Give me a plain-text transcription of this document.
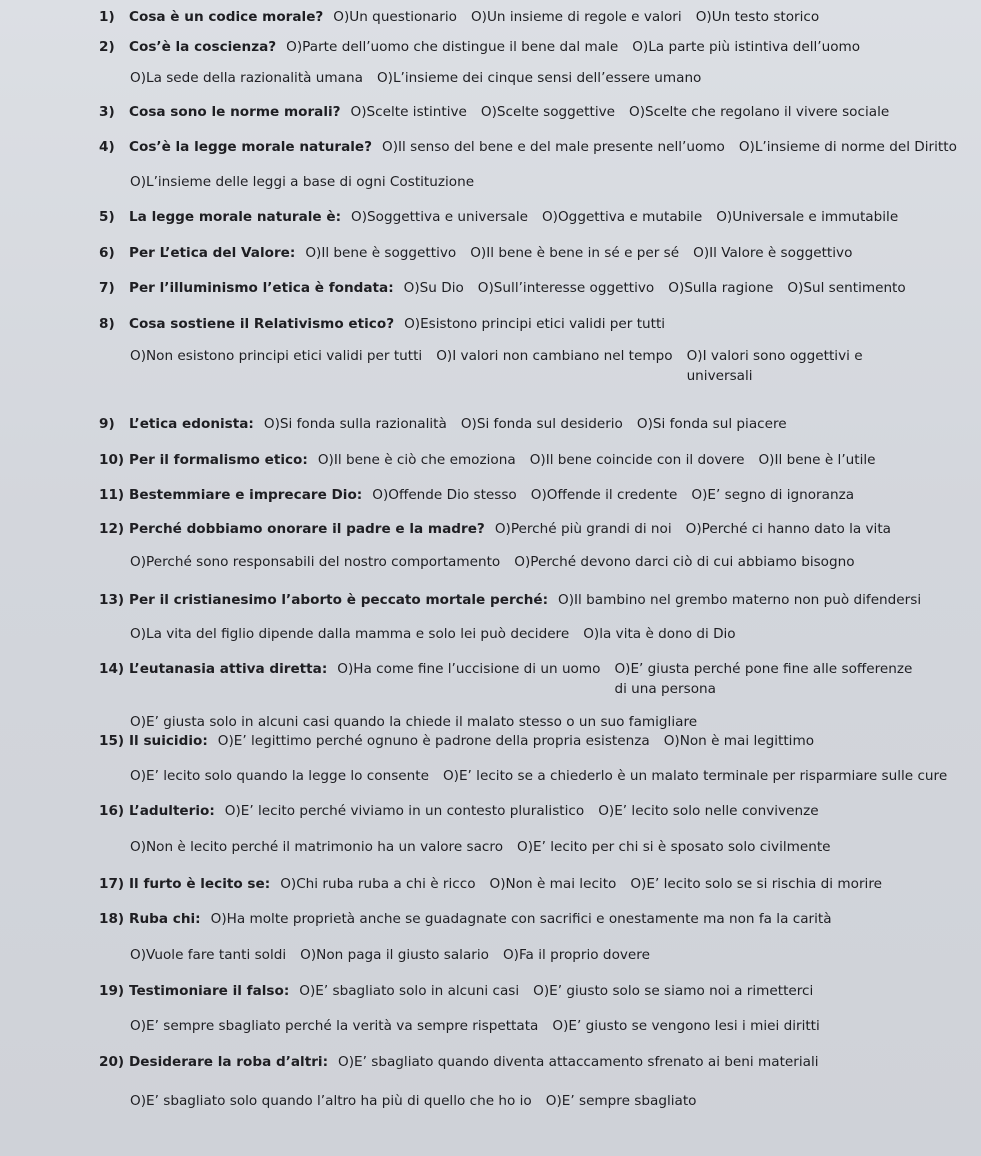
1) Cosa è un codice morale? O)Un questionario O)Un insieme di regole e valori O)Un testo storico
2) Cos’è la coscienza? O)Parte dell’uomo che distingue il bene dal male O)La parte più istintiva dell’uomo
O)La sede della razionalità umana O)L’insieme dei cinque sensi dell’essere umano
3) Cosa sono le norme morali? O)Scelte istintive O)Scelte soggettive O)Scelte che regolano il vivere sociale
4) Cos’è la legge morale naturale? O)Il senso del bene e del male presente nell’uomo O)L’insieme di norme del Diritto
O)L’insieme delle leggi a base di ogni Costituzione
5) La legge morale naturale è: O)Soggettiva e universale O)Oggettiva e mutabile O)Universale e immutabile
6) Per L’etica del Valore: O)Il bene è soggettivo O)Il bene è bene in sé e per sé O)Il Valore è soggettivo
7) Per l’illuminismo l’etica è fondata: O)Su Dio O)Sull’interesse oggettivo O)Sulla ragione O)Sul sentimento
8) Cosa sostiene il Relativismo etico? O)Esistono principi etici validi per tutti
O)Non esistono principi etici validi per tutti O)I valori non cambiano nel tempo O)I valori sono oggettivi e universali
9) L’etica edonista: O)Si fonda sulla razionalità O)Si fonda sul desiderio O)Si fonda sul piacere
10) Per il formalismo etico: O)Il bene è ciò che emoziona O)Il bene coincide con il dovere O)Il bene è l’utile
11) Bestemmiare e imprecare Dio: O)Offende Dio stesso O)Offende il credente O)E’ segno di ignoranza
12) Perché dobbiamo onorare il padre e la madre? O)Perché più grandi di noi O)Perché ci hanno dato la vita
O)Perché sono responsabili del nostro comportamento O)Perché devono darci ciò di cui abbiamo bisogno
13) Per il cristianesimo l’aborto è peccato mortale perché: O)Il bambino nel grembo materno non può difendersi
O)La vita del figlio dipende dalla mamma e solo lei può decidere O)la vita è dono di Dio
14) L’eutanasia attiva diretta: O)Ha come fine l’uccisione di un uomo O)E’ giusta perché pone fine alle sofferenze di una persona
O)E’ giusta solo in alcuni casi quando la chiede il malato stesso o un suo famigliare
15) Il suicidio: O)E’ legittimo perché ognuno è padrone della propria esistenza O)Non è mai legittimo
O)E’ lecito solo quando la legge lo consente O)E’ lecito se a chiederlo è un malato terminale per risparmiare sulle cure
16) L’adulterio: O)E’ lecito perché viviamo in un contesto pluralistico O)E’ lecito solo nelle convivenze
O)Non è lecito perché il matrimonio ha un valore sacro O)E’ lecito per chi si è sposato solo civilmente
17) Il furto è lecito se: O)Chi ruba ruba a chi è ricco O)Non è mai lecito O)E’ lecito solo se si rischia di morire
18) Ruba chi: O)Ha molte proprietà anche se guadagnate con sacrifici e onestamente ma non fa la carità
O)Vuole fare tanti soldi O)Non paga il giusto salario O)Fa il proprio dovere
19) Testimoniare il falso: O)E’ sbagliato solo in alcuni casi O)E’ giusto solo se siamo noi a rimetterci
O)E’ sempre sbagliato perché la verità va sempre rispettata O)E’ giusto se vengono lesi i miei diritti
20) Desiderare la roba d’altri: O)E’ sbagliato quando diventa attaccamento sfrenato ai beni materiali
O)E’ sbagliato solo quando l’altro ha più di quello che ho io O)E’ sempre sbagliato
